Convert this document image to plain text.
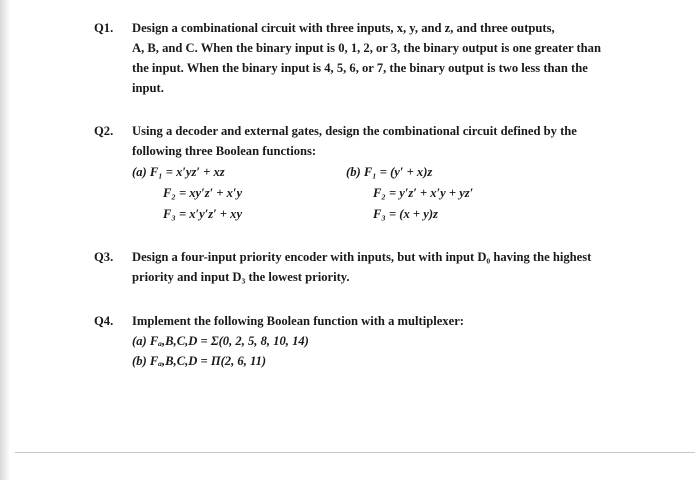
Q1. Design a combinational circuit with three inputs, x, y, and z, and three outputs,
A, B, and C. When the binary input is 0, 1, 2, or 3, the binary output is one greater than
the input. When the binary input is 4, 5, 6, or 7, the binary output is two less than the
input.
Q2. Using a decoder and external gates, design the combinational circuit defined by the
following three Boolean functions:
(a) F₁ = x′yz′ + xz
F₂ = xy′z′ + x′y
F₃ = x′y′z′ + xy
(b) F₁ = (y′ + x)z
F₂ = y′z′ + x′y + yz′
F₃ = (x + y)z
Q3. Design a four-input priority encoder with inputs, but with input D₀ having the highest
priority and input D₃ the lowest priority.
Q4. Implement the following Boolean function with a multiplexer:
(a) Fₐ,B,C,D = Σ(0, 2, 5, 8, 10, 14)
(b) Fₐ,B,C,D = Π(2, 6, 11)
